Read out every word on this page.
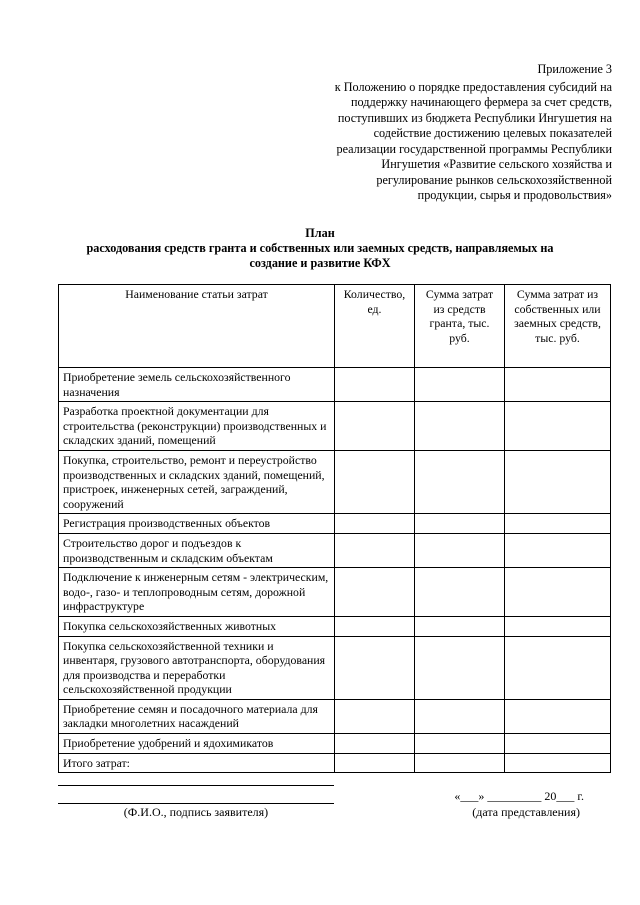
Приложение 3
к Положению о порядке предоставления субсидий на
поддержку начинающего фермера за счет средств,
поступивших из бюджета Республики Ингушетия на
содействие достижению целевых показателей
реализации государственной программы Республики
Ингушетия «Развитие сельского хозяйства и
регулирование рынков сельскохозяйственной
продукции, сырья и продовольствия»
План
расходования средств гранта и собственных или заемных средств, направляемых на
создание и развитие КФХ
Наименование статьи затрат	Количество, ед.	Сумма затрат из средств гранта, тыс. руб.	Сумма затрат из собственных или заемных средств, тыс. руб.
Приобретение земель сельскохозяйственного назначения			
Разработка проектной документации для строительства (реконструкции) производственных и складских зданий, помещений			
Покупка, строительство, ремонт и переустройство производственных и складских зданий, помещений, пристроек, инженерных сетей, заграждений, сооружений			
Регистрация производственных объектов			
Строительство дорог и подъездов к производственным и складским объектам			
Подключение к инженерным сетям - электрическим, водо-, газо- и теплопроводным сетям, дорожной инфраструктуре			
Покупка сельскохозяйственных животных			
Покупка сельскохозяйственной техники и инвентаря, грузового автотранспорта, оборудования для производства и переработки сельскохозяйственной продукции			
Приобретение семян и посадочного материала для закладки многолетних насаждений			
Приобретение удобрений и ядохимикатов			
Итого затрат:			
(Ф.И.О., подпись заявителя)
«___» _________ 20___ г.
(дата представления)
